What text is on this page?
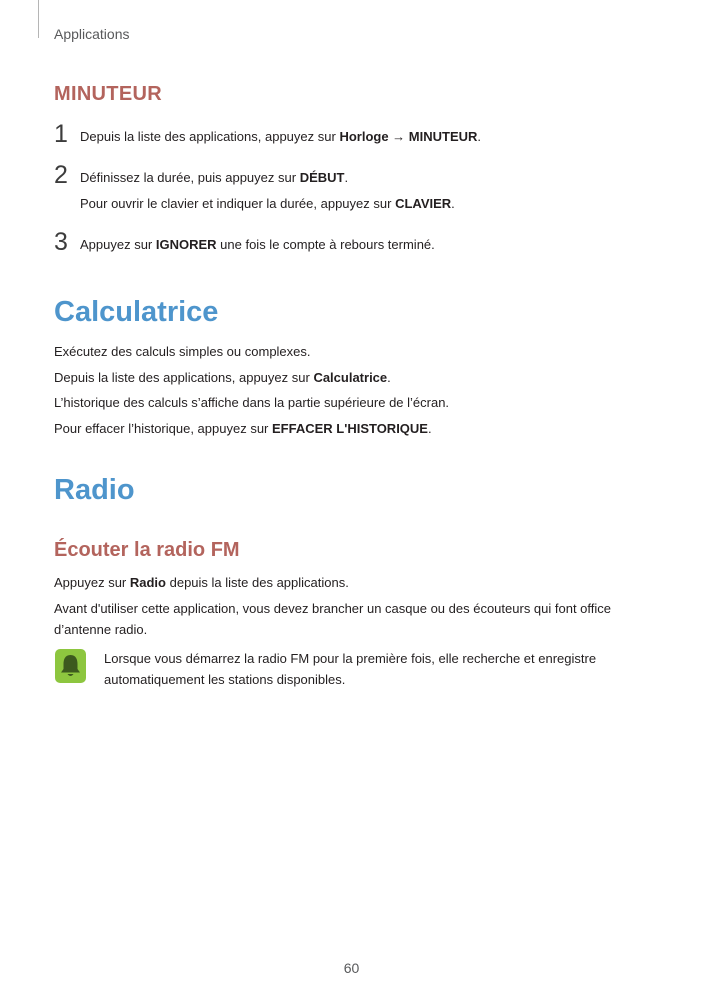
Applications
MINUTEUR
1 Depuis la liste des applications, appuyez sur Horloge → MINUTEUR.
2 Définissez la durée, puis appuyez sur DÉBUT.
Pour ouvrir le clavier et indiquer la durée, appuyez sur CLAVIER.
3 Appuyez sur IGNORER une fois le compte à rebours terminé.
Calculatrice
Exécutez des calculs simples ou complexes.
Depuis la liste des applications, appuyez sur Calculatrice.
L’historique des calculs s’affiche dans la partie supérieure de l’écran.
Pour effacer l’historique, appuyez sur EFFACER L'HISTORIQUE.
Radio
Écouter la radio FM
Appuyez sur Radio depuis la liste des applications.
Avant d'utiliser cette application, vous devez brancher un casque ou des écouteurs qui font office
d’antenne radio.
Lorsque vous démarrez la radio FM pour la première fois, elle recherche et enregistre
automatiquement les stations disponibles.
60
